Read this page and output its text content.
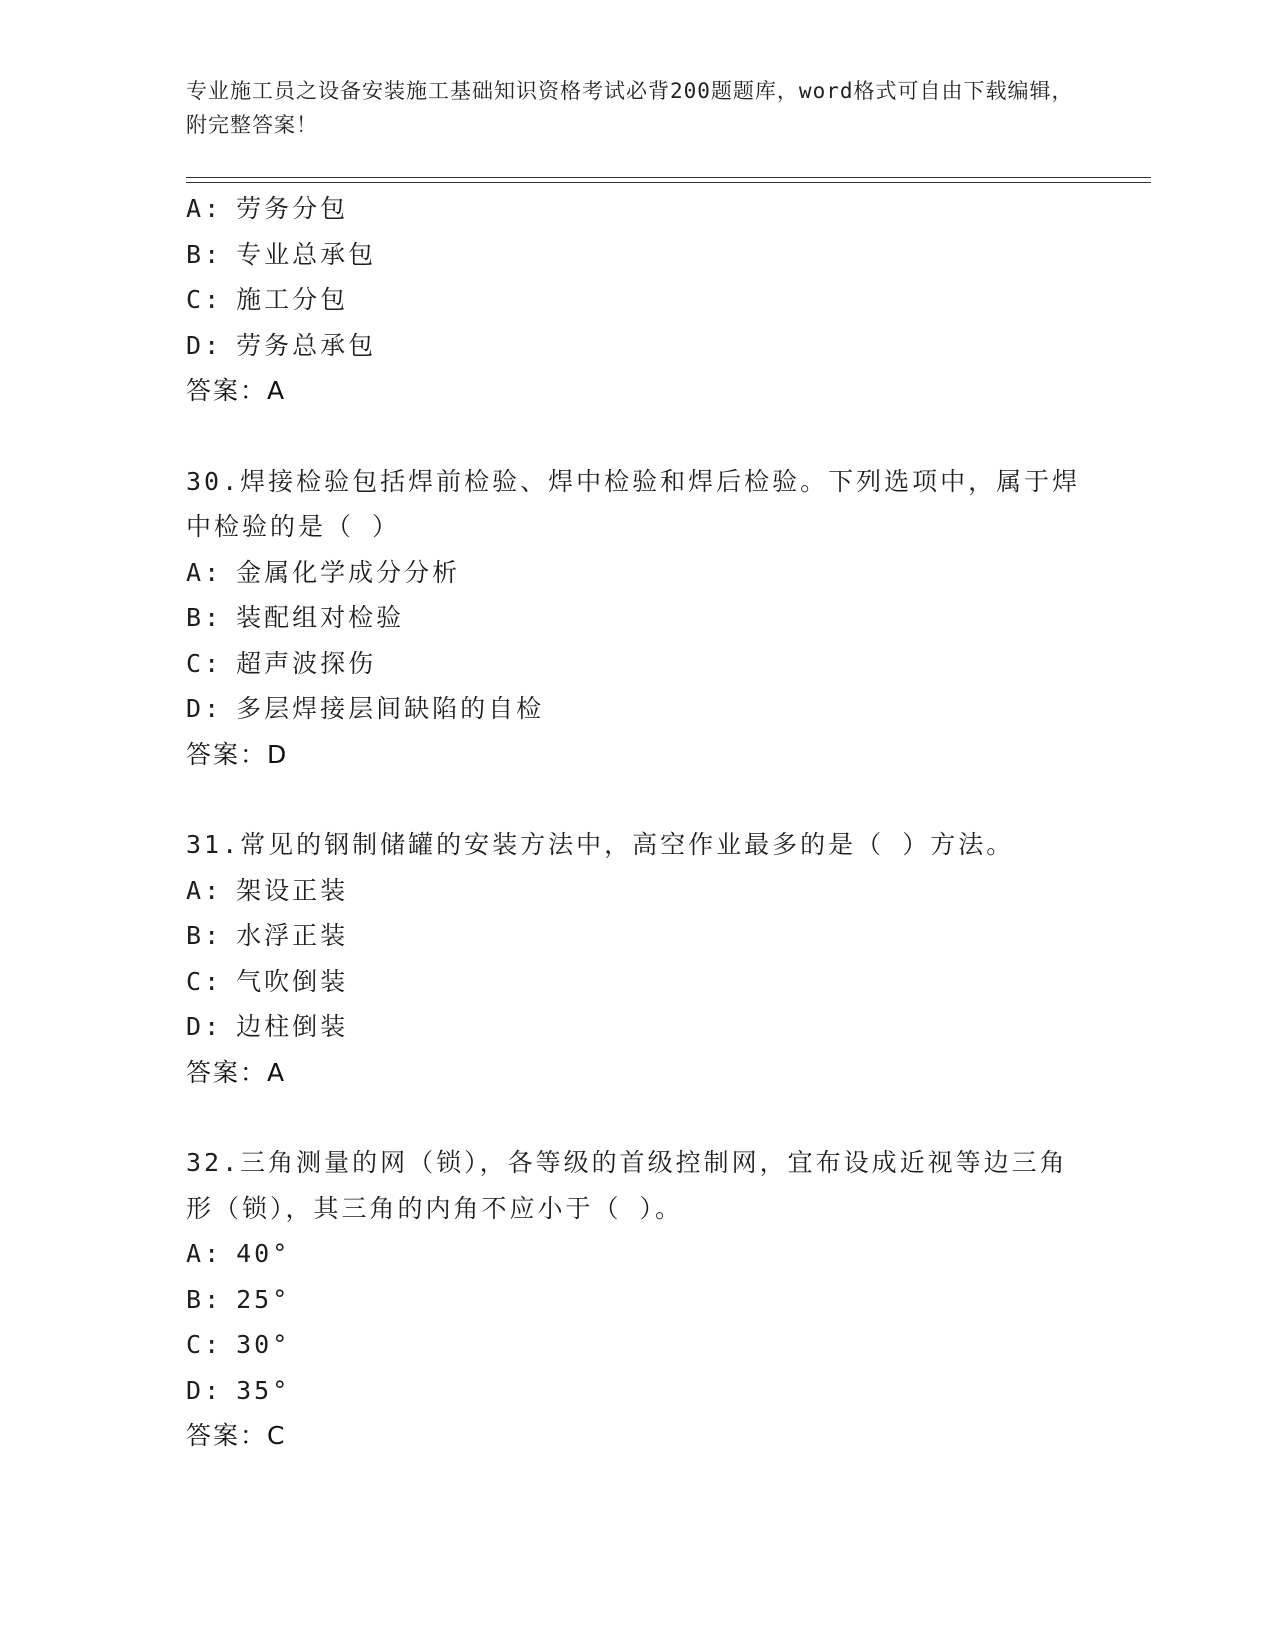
专业施工员之设备安装施工基础知识资格考试必背200题题库，word格式可自由下载编辑，附完整答案！
A: 劳务分包
B: 专业总承包
C: 施工分包
D: 劳务总承包
答案：A
30.焊接检验包括焊前检验、焊中检验和焊后检验。下列选项中，属于焊中检验的是（ ）
A: 金属化学成分分析
B: 装配组对检验
C: 超声波探伤
D: 多层焊接层间缺陷的自检
答案：D
31.常见的钢制储罐的安装方法中，高空作业最多的是（ ）方法。
A: 架设正装
B: 水浮正装
C: 气吹倒装
D: 边柱倒装
答案：A
32.三角测量的网（锁），各等级的首级控制网，宜布设成近视等边三角形（锁），其三角的内角不应小于（ ）。
A: 40°
B: 25°
C: 30°
D: 35°
答案：C
